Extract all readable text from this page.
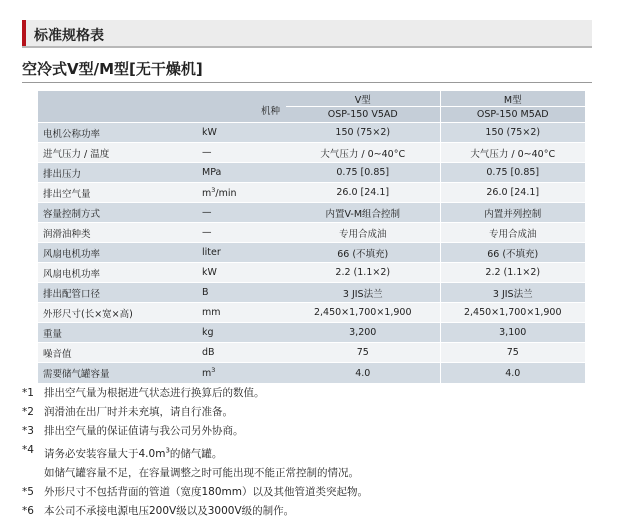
标准规格表
空冷式V型/M型[无干燥机]
机种		V型	M型
		OSP-150 V5AD	OSP-150 M5AD
电机公称功率	kW	150 (75×2)	150 (75×2)
进气压力 / 温度	—	大气压力 / 0~40°C	大气压力 / 0~40°C
排出压力	MPa	0.75 [0.85]	0.75 [0.85]
排出空气量	$m^3/\min$	26.0 [24.1]	26.0 [24.1]
容量控制方式	—	内置V-M组合控制	内置并列控制
润滑油种类	—	专用合成油	专用合成油
风扇电机功率	liter	66 (不填充)	66 (不填充)
风扇电机功率	kW	2.2 (1.1×2)	2.2 (1.1×2)
排出配管口径	B	3 JIS法兰	3 JIS法兰
外形尺寸(长×宽×高)	mm	2,450×1,700×1,900	2,450×1,700×1,900
重量	kg	3,200	3,100
噪音值	dB	75	75
需要储气罐容量	$m^3$	4.0	4.0
*1 排出空气量为根据进气状态进行换算后的数值。
*2 润滑油在出厂时并未充填，请自行准备。
*3 排出空气量的保证值请与我公司另外协商。
*4 请务必安装容量大于$4.0m^3$的储气罐。
如储气罐容量不足，在容量调整之时可能出现不能正常控制的情况。
*5 外形尺寸不包括背面的管道（宽度180mm）以及其他管道类突起物。
*6 本公司不承接电源电压200V级以及3000V级的制作。
